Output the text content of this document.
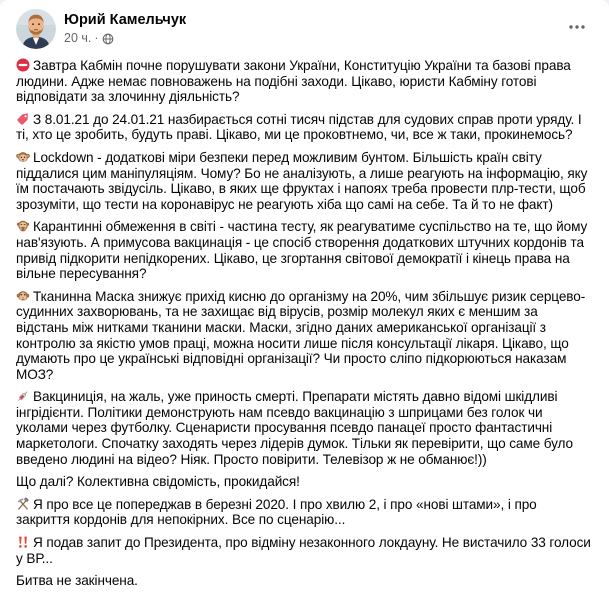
Юрий Камельчук
20 ч. ·

Завтра Кабмін почне порушувати закони України, Конституцію України та базові права людини. Адже немає повноважень на подібні заходи. Цікаво, юристи Кабміну готові відповідати за злочинну діяльність?

З 8.01.21 до 24.01.21 назбирається сотні тисяч підстав для судових справ проти уряду. І ті, хто це зробить, будуть праві. Цікаво, ми це проковтнемо, чи, все ж таки, прокинемось?

Lockdown - додаткові міри безпеки перед можливим бунтом. Більшість країн світу піддалися цим маніпуляціям. Чому? Бо не аналізують, а лише реагують на інформацію, яку їм постачають звідусіль. Цікаво, в яких ще фруктах і напоях треба провести плр-тести, щоб зрозуміти, що тести на коронавірус не реагують хіба що самі на себе. Та й то не факт)

Карантинні обмеження в світі - частина тесту, як реагуватиме суспільство на те, що йому нав'язують. А примусова вакцинація - це спосіб створення додаткових штучних кордонів та привід підкорити непідкорених. Цікаво, це згортання світової демократії і кінець права на вільне пересування?

Тканинна Маска знижує прихід кисню до організму на 20%, чим збільшує ризик серцево-судинних захворювань, та не захищає від вірусів, розмір молекул яких є меншим за відстань між нитками тканини маски. Маски, згідно даних американської організації з контролю за якістю умов праці, можна носити лише після консультації лікаря. Цікаво, що думають про це українські відповідні організації? Чи просто сліпо підкорюються наказам МОЗ?

Вакциниція, на жаль, уже приность смерті. Препарати містять давно відомі шкідливі інгрідієнти. Політики демонструють нам псевдо вакцинацію з шприцами без голок чи уколами через футболку. Сценаристи просування псевдо панацеї просто фантастичні маркетологи. Спочатку заходять через лідерів думок. Тільки як перевірити, що саме було введено людині на відео? Ніяк. Просто повірити. Телевізор ж не обманює!))

Що далі? Колективна свідомість, прокидайся!

Я про все це попереджав в березні 2020. І про хвилю 2, і про «нові штами», і про закриття кордонів для непокірних. Все по сценарію...

Я подав запит до Президента, про відміну незаконного локдауну. Не вистачило 33 голоси у ВР...

Битва не закінчена.
